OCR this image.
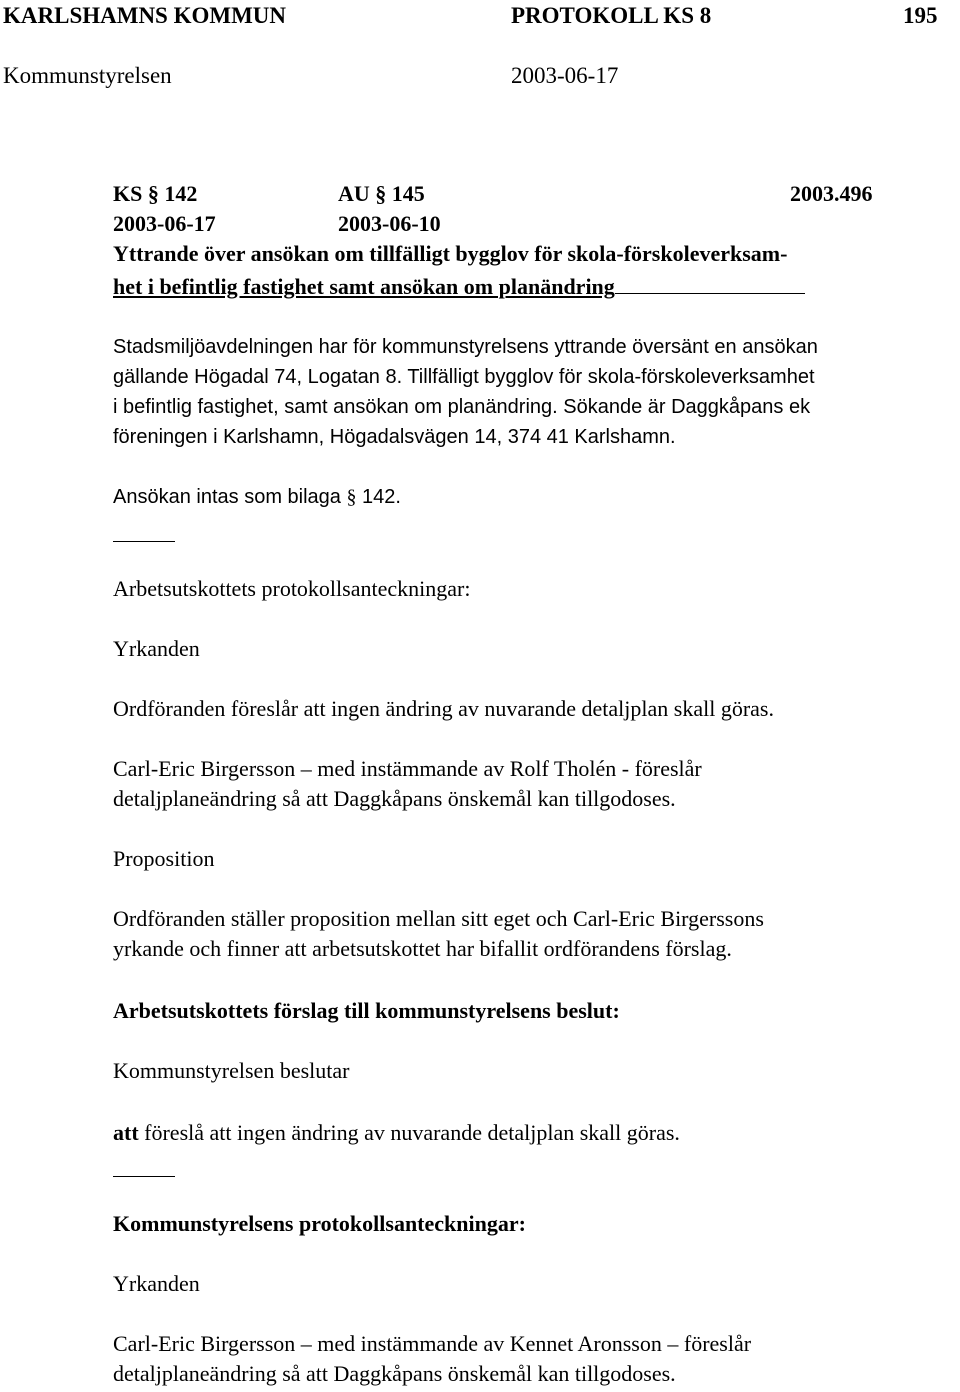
KARLSHAMNS KOMMUN	PROTOKOLL KS 8	195
Kommunstyrelsen	2003-06-17
KS § 142	AU § 145	2003.496
2003-06-17	2003-06-10
Yttrande över ansökan om tillfälligt bygglov för skola-förskoleverksam-
het i befintlig fastighet samt ansökan om planändring
Stadsmiljöavdelningen har för kommunstyrelsens yttrande översänt en ansökan
gällande Högadal 74, Logatan 8. Tillfälligt bygglov för skola-förskoleverksamhet
i befintlig fastighet, samt ansökan om planändring. Sökande är Daggkåpans ek
föreningen i Karlshamn, Högadalsvägen 14, 374 41 Karlshamn.
Ansökan intas som bilaga § 142.
Arbetsutskottets protokollsanteckningar:
Yrkanden
Ordföranden föreslår att ingen ändring av nuvarande detaljplan skall göras.
Carl-Eric Birgersson – med instämmande av Rolf Tholén - föreslår
detaljplaneändring så att Daggkåpans önskemål kan tillgodoses.
Proposition
Ordföranden ställer proposition mellan sitt eget och Carl-Eric Birgerssons
yrkande och finner att arbetsutskottet har bifallit ordförandens förslag.
Arbetsutskottets förslag till kommunstyrelsens beslut:
Kommunstyrelsen beslutar
att föreslå att ingen ändring av nuvarande detaljplan skall göras.
Kommunstyrelsens protokollsanteckningar:
Yrkanden
Carl-Eric Birgersson – med instämmande av Kennet Aronsson – föreslår
detaljplaneändring så att Daggkåpans önskemål kan tillgodoses.
